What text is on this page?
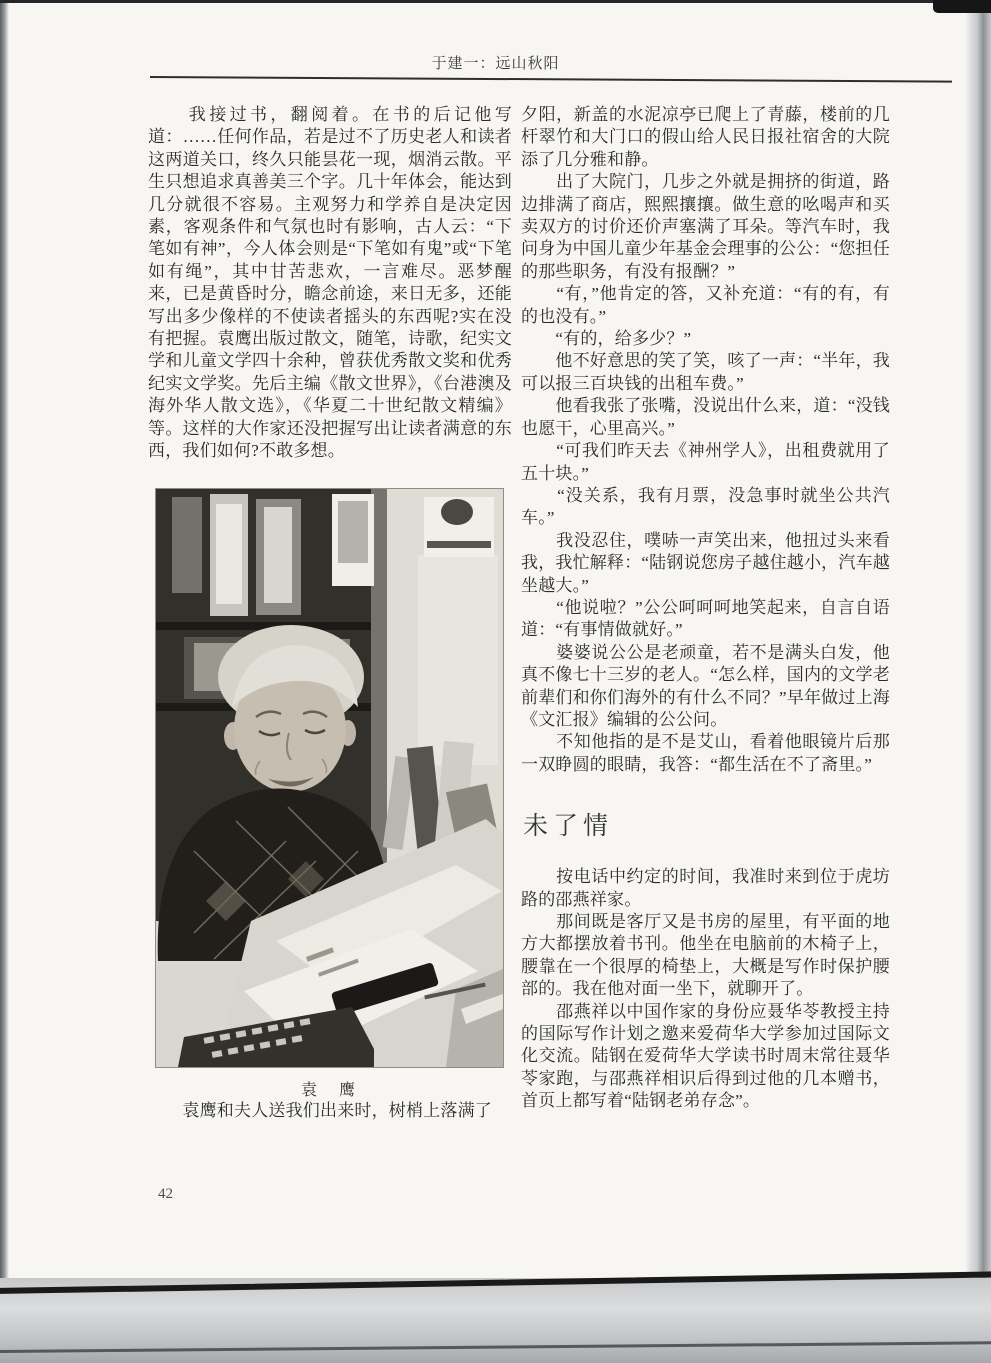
于建一：远山秋阳

　　我接过书，翻阅着。在书的后记他写道：……任何作品，若是过不了历史老人和读者这两道关口，终久只能昙花一现，烟消云散。平生只想追求真善美三个字。几十年体会，能达到几分就很不容易。主观努力和学养自是决定因素，客观条件和气氛也时有影响，古人云：“下笔如有神”，今人体会则是“下笔如有鬼”或“下笔如有绳”，其中甘苦悲欢，一言难尽。恶梦醒来，已是黄昏时分，瞻念前途，来日无多，还能写出多少像样的不使读者摇头的东西呢?实在没有把握。袁鹰出版过散文，随笔，诗歌，纪实文学和儿童文学四十余种，曾获优秀散文奖和优秀纪实文学奖。先后主编《散文世界》，《台港澳及海外华人散文选》，《华夏二十世纪散文精编》等。这样的大作家还没把握写出让读者满意的东西，我们如何?不敢多想。

袁　鹰

　　袁鹰和夫人送我们出来时，树梢上落满了

夕阳，新盖的水泥凉亭已爬上了青藤，楼前的几杆翠竹和大门口的假山给人民日报社宿舍的大院添了几分雅和静。

　　出了大院门，几步之外就是拥挤的街道，路边排满了商店，熙熙攘攘。做生意的吆喝声和买卖双方的讨价还价声塞满了耳朵。等汽车时，我问身为中国儿童少年基金会理事的公公：“您担任的那些职务，有没有报酬？”

　　“有，”他肯定的答，又补充道：“有的有，有的也没有。”

　　“有的，给多少？”

　　他不好意思的笑了笑，咳了一声：“半年，我可以报三百块钱的出租车费。”

　　他看我张了张嘴，没说出什么来，道：“没钱也愿干，心里高兴。”

　　“可我们昨天去《神州学人》，出租费就用了五十块。”

　　“没关系，我有月票，没急事时就坐公共汽车。”

　　我没忍住，噗哧一声笑出来，他扭过头来看我，我忙解释：“陆钢说您房子越住越小，汽车越坐越大。”

　　“他说啦？”公公呵呵呵地笑起来，自言自语道：“有事情做就好。”

　　婆婆说公公是老顽童，若不是满头白发，他真不像七十三岁的老人。“怎么样，国内的文学老前辈们和你们海外的有什么不同？”早年做过上海《文汇报》编辑的公公问。

　　不知他指的是不是艾山，看着他眼镜片后那一双睁圆的眼睛，我答：“都生活在不了斋里。”

未了情

　　按电话中约定的时间，我准时来到位于虎坊路的邵燕祥家。

　　那间既是客厅又是书房的屋里，有平面的地方大都摆放着书刊。他坐在电脑前的木椅子上，腰靠在一个很厚的椅垫上，大概是写作时保护腰部的。我在他对面一坐下，就聊开了。

　　邵燕祥以中国作家的身份应聂华苓教授主持的国际写作计划之邀来爱荷华大学参加过国际文化交流。陆钢在爱荷华大学读书时周末常往聂华苓家跑，与邵燕祥相识后得到过他的几本赠书，首页上都写着“陆钢老弟存念”。

42
